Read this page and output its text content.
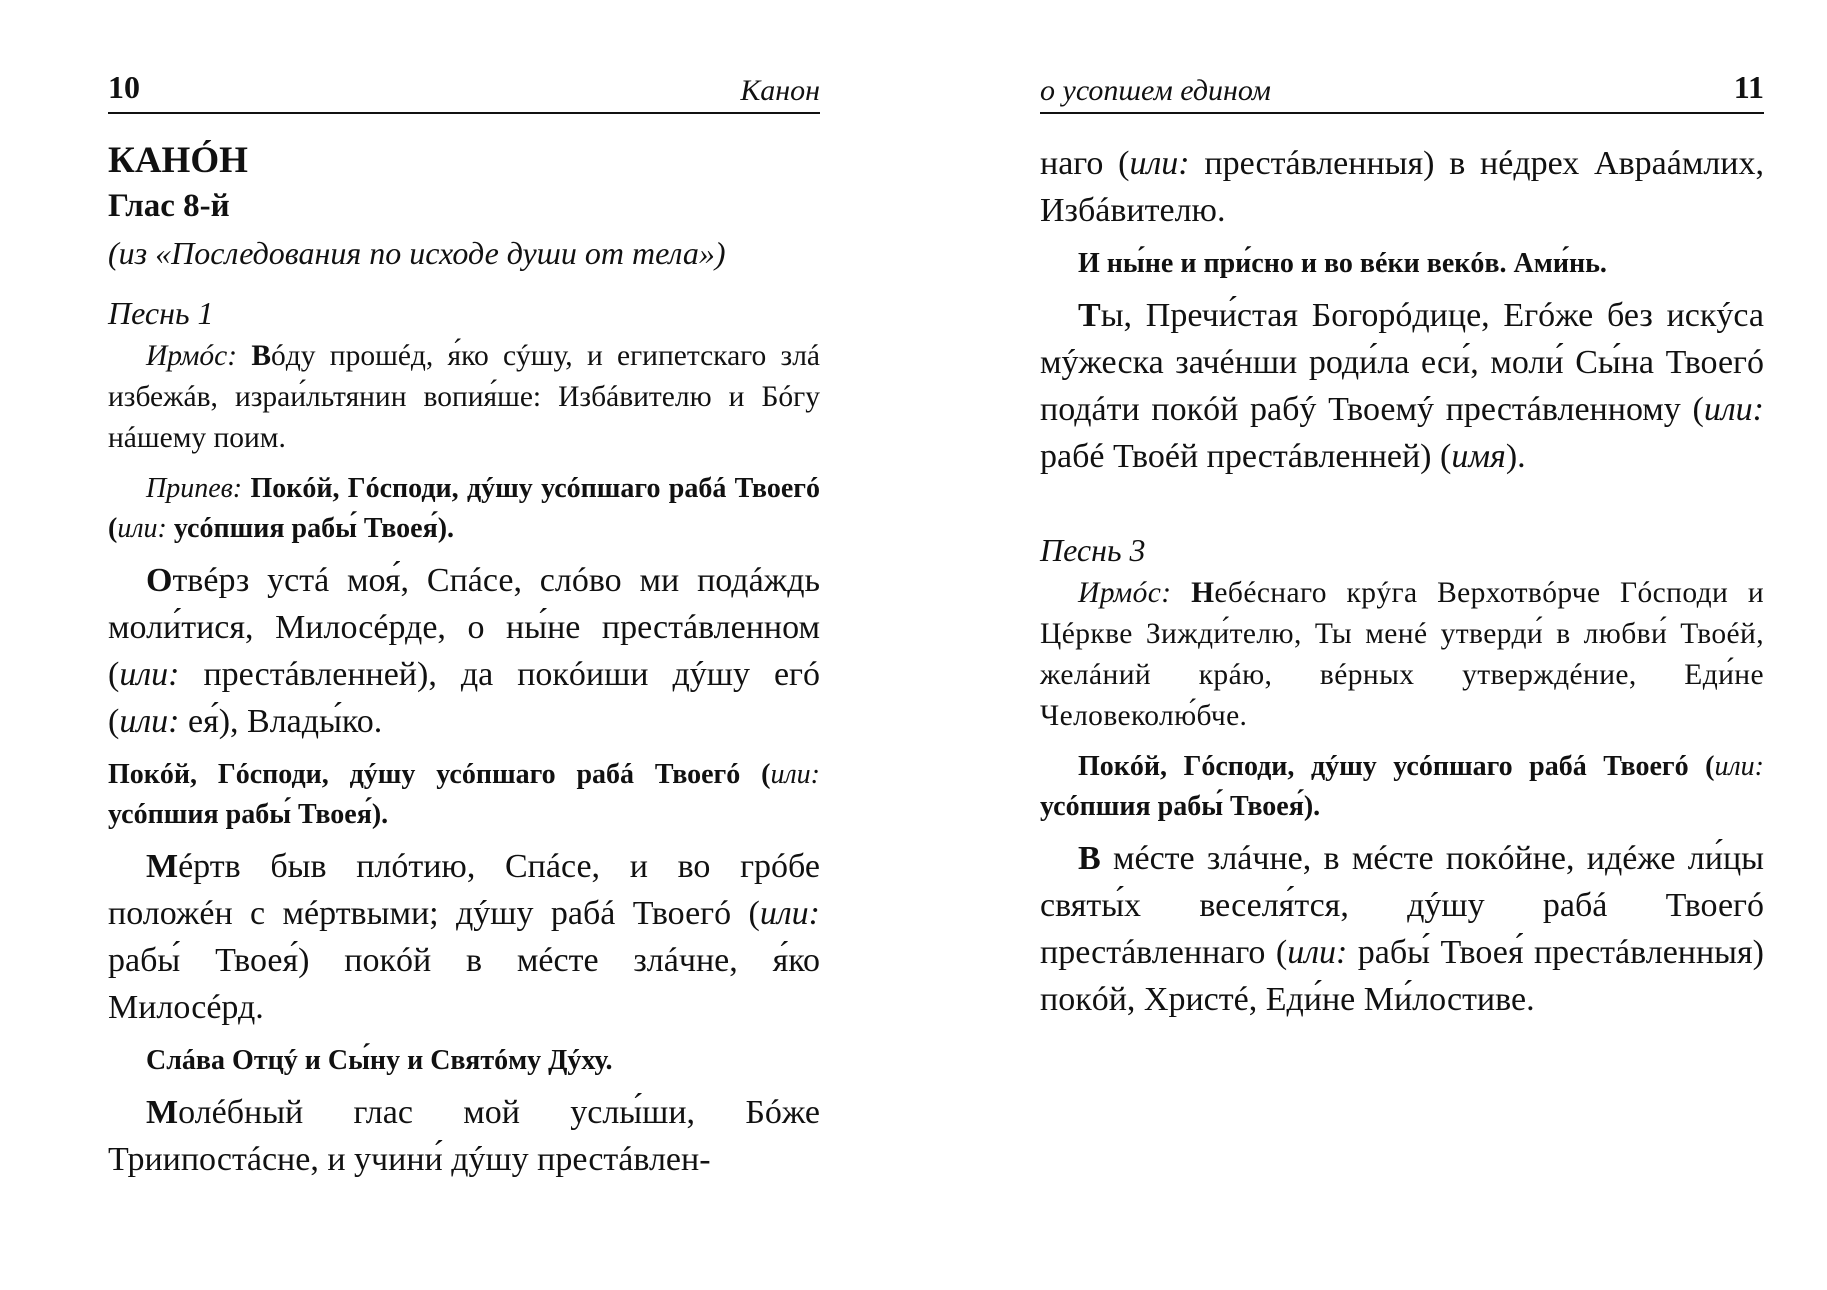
10	Канон

КАНÓН

Глас 8-й

(из «Последования по исходе души от тела»)

Песнь 1

Ирмóс: Вóду прошéд, я́ко сýшу, и египетскаго злá избежáв, израи́льтянин вопия́ше: Избáвителю и Бóгу нáшему поим.

Припев: Покóй, Гóсподи, дýшу усóпшаго рабá Твоегó (или: усóпшия рабы́ Твоея́).

Отвéрз устá моя́, Спáсе, слóво ми подáждь моли́тися, Милосéрде, о ны́не престáвленном (или: престáвленней), да покóиши дýшу егó (или: ея́), Влады́ко.

Покóй, Гóсподи, дýшу усóпшаго рабá Твоегó (или: усóпшия рабы́ Твоея́).

Мéртв быв плóтию, Спáсе, и во грóбе положéн с мéртвыми; дýшу рабá Твоегó (или: рабы́ Твоея́) покóй в мéсте злáчне, я́ко Милосéрд.

Слáва Отцý и Сы́ну и Святóму Дýху.

Молéбный глас мой услы́ши, Бóже Триипостáсне, и учини́ дýшу престáвлен-

о усопшем едином	11

наго (или: престáвленныя) в нéдрех Авраáмлих, Избáвителю.

И ны́не и при́сно и во вéки векóв. Ами́нь.

Ты, Пречи́стая Богорóдице, Егóже без искýса мýжеска зачéнши роди́ла еси́, моли́ Сы́на Твоегó подáти покóй рабý Твоемý престáвленному (или: рабé Твоéй престáвленней) (имя).

Песнь 3

Ирмóс: Небéснаго крýга Верхотвóрче Гóсподи и Цéркве Зижди́телю, Ты менé утверди́ в любви́ Твоéй, желáний крáю, вéрных утверждéние, Еди́не Человеколю́бче.

Покóй, Гóсподи, дýшу усóпшаго рабá Твоегó (или: усóпшия рабы́ Твоея́).

В мéсте злáчне, в мéсте покóйне, идéже ли́цы святы́х веселя́тся, дýшу рабá Твоегó престáвленнаго (или: рабы́ Твоея́ престáвленныя) покóй, Христé, Еди́не Ми́лостиве.
